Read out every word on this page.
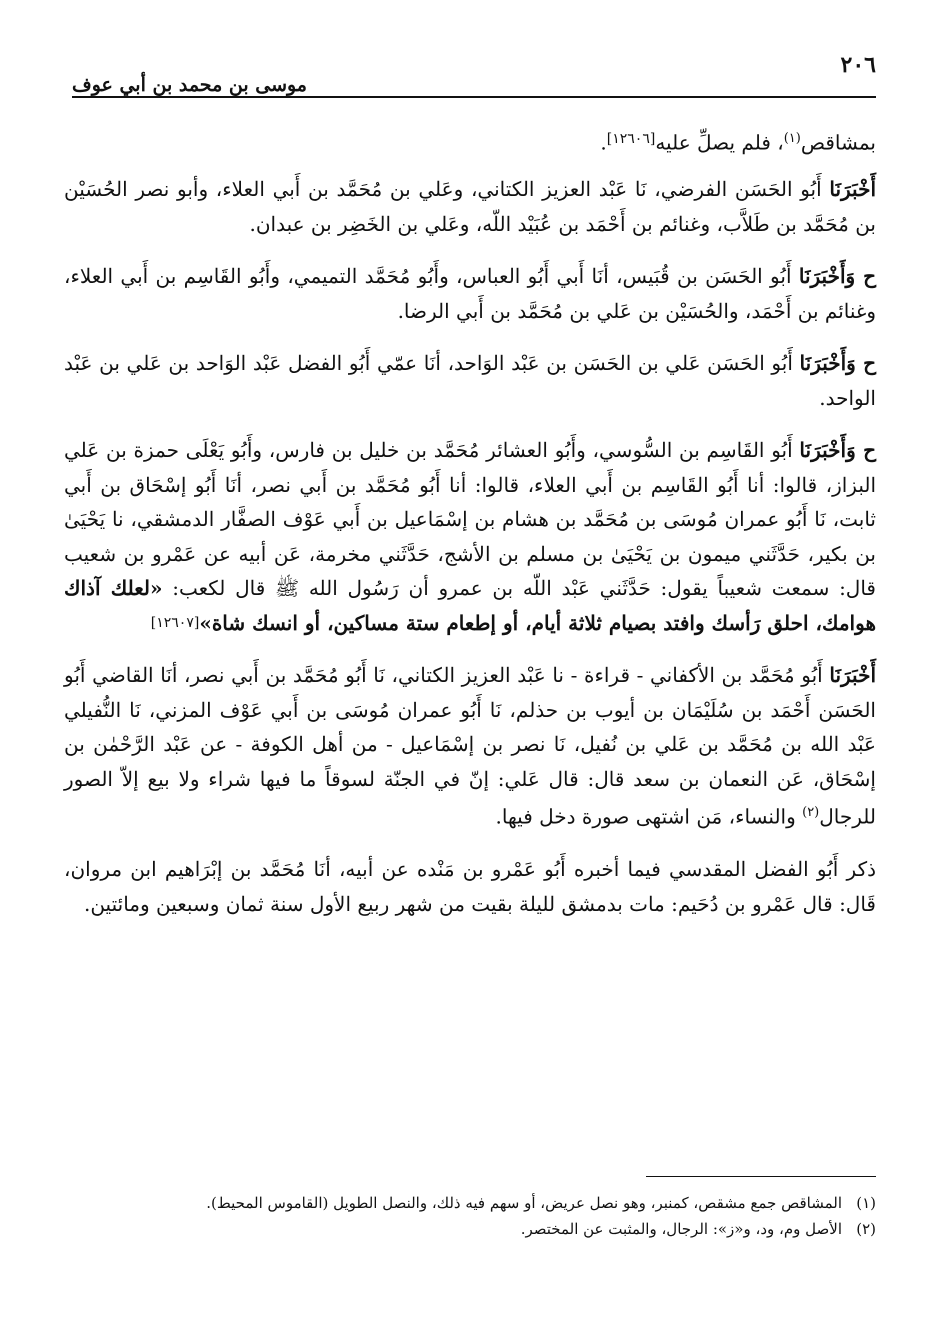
٢٠٦
موسى بن محمد بن أبي عوف

بمشاقص$^{(١)}$، فلم يصلِّ عليه[١٢٦٠٦].

أَخْبَرَنَا أَبُو الحَسَن الفرضي، نَا عَبْد العزيز الكتاني، وعَلي بن مُحَمَّد بن أَبي العلاء، وأبو نصر الحُسَيْن بن مُحَمَّد بن طَلاَّب، وغنائم بن أَحْمَد بن عُبَيْد اللّه، وعَلي بن الخَضِر بن عبدان.

ح وَأَخْبَرَنَا أَبُو الحَسَن بن قُبَيس، أنَا أَبي أَبُو العباس، وأَبُو مُحَمَّد التميمي، وأَبُو القَاسِم بن أَبي العلاء، وغنائم بن أَحْمَد، والحُسَيْن بن عَلي بن مُحَمَّد بن أَبي الرضا.

ح وَأَخْبَرَنَا أَبُو الحَسَن عَلي بن الحَسَن بن عَبْد الوَاحد، أنَا عمّي أَبُو الفضل عَبْد الوَاحد بن عَلي بن عَبْد الواحد.

ح وَأَخْبَرَنَا أَبُو القَاسِم بن السُّوسي، وأَبُو العشائر مُحَمَّد بن خليل بن فارس، وأَبُو يَعْلَى حمزة بن عَلي البزاز، قالوا: أنا أَبُو القَاسِم بن أَبي العلاء، قالوا: أنا أَبُو مُحَمَّد بن أَبي نصر، أنَا أَبُو إسْحَاق بن أَبي ثابت، نَا أَبُو عمران مُوسَى بن مُحَمَّد بن هشام بن إسْمَاعيل بن أَبي عَوْف الصفَّار الدمشقي، نا يَحْيَىٰ بن بكير، حَدَّثَني ميمون بن يَحْيَىٰ بن مسلم بن الأشج، حَدَّثَني مخرمة، عَن أبيه عن عَمْرو بن شعيب قال: سمعت شعيباً يقول: حَدَّثَني عَبْد اللّه بن عمرو أن رَسُول الله ﷺ قال لكعب: «لعلك آذاك هوامك، احلق رَأسك وافتد بصيام ثلاثة أيام، أو إطعام ستة مساكين، أو انسك شاة»[١٢٦٠٧]

أَخْبَرَنَا أَبُو مُحَمَّد بن الأكفاني - قراءة - نا عَبْد العزيز الكتاني، نَا أَبُو مُحَمَّد بن أَبي نصر، أنَا القاضي أَبُو الحَسَن أَحْمَد بن سُلَيْمَان بن أيوب بن حذلم، نَا أَبُو عمران مُوسَى بن أَبي عَوْف المزني، نَا النُّفيلي عَبْد الله بن مُحَمَّد بن عَلي بن نُفيل، نَا نصر بن إسْمَاعيل - من أهل الكوفة - عن عَبْد الرَّحْمٰن بن إسْحَاق، عَن النعمان بن سعد قال: قال عَلي: إنّ في الجنّة لسوقاً ما فيها شراء ولا بيع إلاّ الصور للرجال$^{(٢)}$ والنساء، مَن اشتهى صورة دخل فيها.

ذكر أَبُو الفضل المقدسي فيما أخبره أَبُو عَمْرو بن مَنْده عن أبيه، أنَا مُحَمَّد بن إبْرَاهيم ابن مروان، قَال: قال عَمْرو بن دُحَيم: مات بدمشق لليلة بقيت من شهر ربيع الأول سنة ثمان وسبعين ومائتين.

(١)المشاقص جمع مشقص، كمنبر، وهو نصل عريض، أو سهم فيه ذلك، والنصل الطويل (القاموس المحيط).

(٢)الأصل وم، ود، و«ز»: الرجال، والمثبت عن المختصر.
